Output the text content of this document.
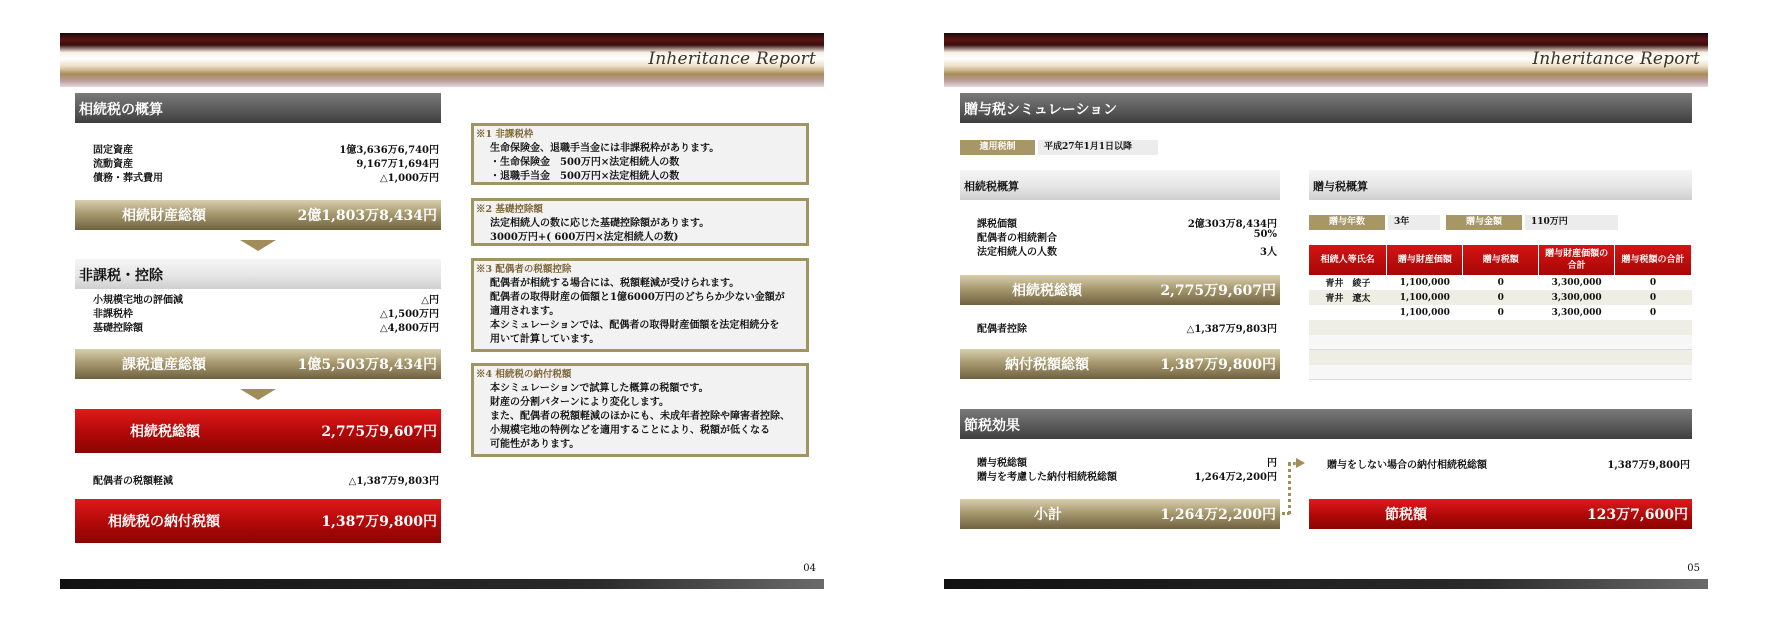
Inheritance Report
相続税の概算
固定資産	1億3,636万6,740円
流動資産	9,167万1,694円
債務・葬式費用	△1,000万円
相続財産総額	2億1,803万8,434円
非課税・控除
小規模宅地の評価減	△円
非課税枠	△1,500万円
基礎控除額	△4,800万円
課税遺産総額	1億5,503万8,434円
相続税総額	2,775万9,607円
配偶者の税額軽減	△1,387万9,803円
相続税の納付税額	1,387万9,800円
※1 非課税枠
生命保険金、退職手当金には非課税枠があります。
・生命保険金　500万円×法定相続人の数
・退職手当金　500万円×法定相続人の数
※2 基礎控除額
法定相続人の数に応じた基礎控除額があります。
3000万円+( 600万円×法定相続人の数)
※3 配偶者の税額控除
配偶者が相続する場合には、税額軽減が受けられます。
配偶者の取得財産の価額と1億6000万円のどちらか少ない金額が
適用されます。
本シミュレーションでは、配偶者の取得財産価額を法定相続分を
用いて計算しています。
※4 相続税の納付税額
本シミュレーションで試算した概算の税額です。
財産の分割パターンにより変化します。
また、配偶者の税額軽減のほかにも、未成年者控除や障害者控除、
小規模宅地の特例などを適用することにより、税額が低くなる
可能性があります。
04
Inheritance Report
贈与税シミュレーション
適用税制	平成27年1月1日以降
相続税概算
課税価額	2億303万8,434円
配偶者の相続割合	50%
法定相続人の人数	3人
相続税総額	2,775万9,607円
配偶者控除	△1,387万9,803円
納付税額総額	1,387万9,800円
贈与税概算
贈与年数	3年	贈与金額	110万円
相続人等氏名	贈与財産価額	贈与税額	贈与財産価額の合計	贈与税額の合計
青井　綾子	1,100,000	0	3,300,000	0
青井　遼太	1,100,000	0	3,300,000	0
	1,100,000	0	3,300,000	0
節税効果
贈与税総額	円
贈与を考慮した納付相続税総額	1,264万2,200円
小計	1,264万2,200円
贈与をしない場合の納付相続税総額	1,387万9,800円
節税額	123万7,600円
05
